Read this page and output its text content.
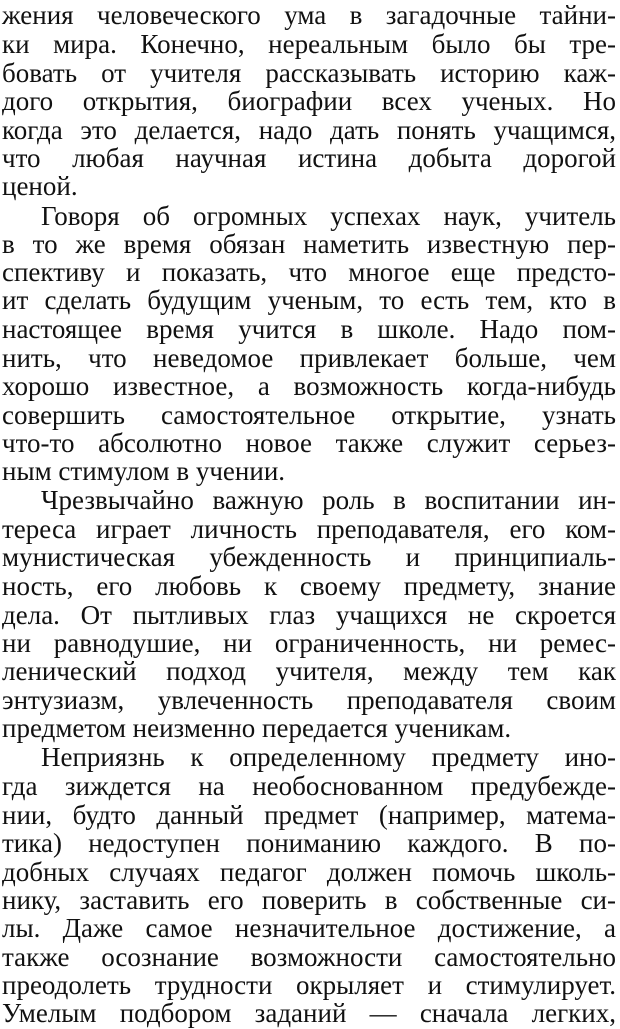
жения человеческого ума в загадочные тайни-
ки мира. Конечно, нереальным было бы тре-
бовать от учителя рассказывать историю каж-
дого открытия, биографии всех ученых. Но
когда это делается, надо дать понять учащимся,
что любая научная истина добыта дорогой
ценой.
Говоря об огромных успехах наук, учитель
в то же время обязан наметить известную пер-
спективу и показать, что многое еще предсто-
ит сделать будущим ученым, то есть тем, кто в
настоящее время учится в школе. Надо пом-
нить, что неведомое привлекает больше, чем
хорошо известное, а возможность когда-нибудь
совершить самостоятельное открытие, узнать
что-то абсолютно новое также служит серьез-
ным стимулом в учении.
Чрезвычайно важную роль в воспитании ин-
тереса играет личность преподавателя, его ком-
мунистическая убежденность и принципиаль-
ность, его любовь к своему предмету, знание
дела. От пытливых глаз учащихся не скроется
ни равнодушие, ни ограниченность, ни ремес-
ленический подход учителя, между тем как
энтузиазм, увлеченность преподавателя своим
предметом неизменно передается ученикам.
Неприязнь к определенному предмету ино-
гда зиждется на необоснованном предубежде-
нии, будто данный предмет (например, матема-
тика) недоступен пониманию каждого. В по-
добных случаях педагог должен помочь школь-
нику, заставить его поверить в собственные си-
лы. Даже самое незначительное достижение, а
также осознание возможности самостоятельно
преодолеть трудности окрыляет и стимулирует.
Умелым подбором заданий — сначала легких,
